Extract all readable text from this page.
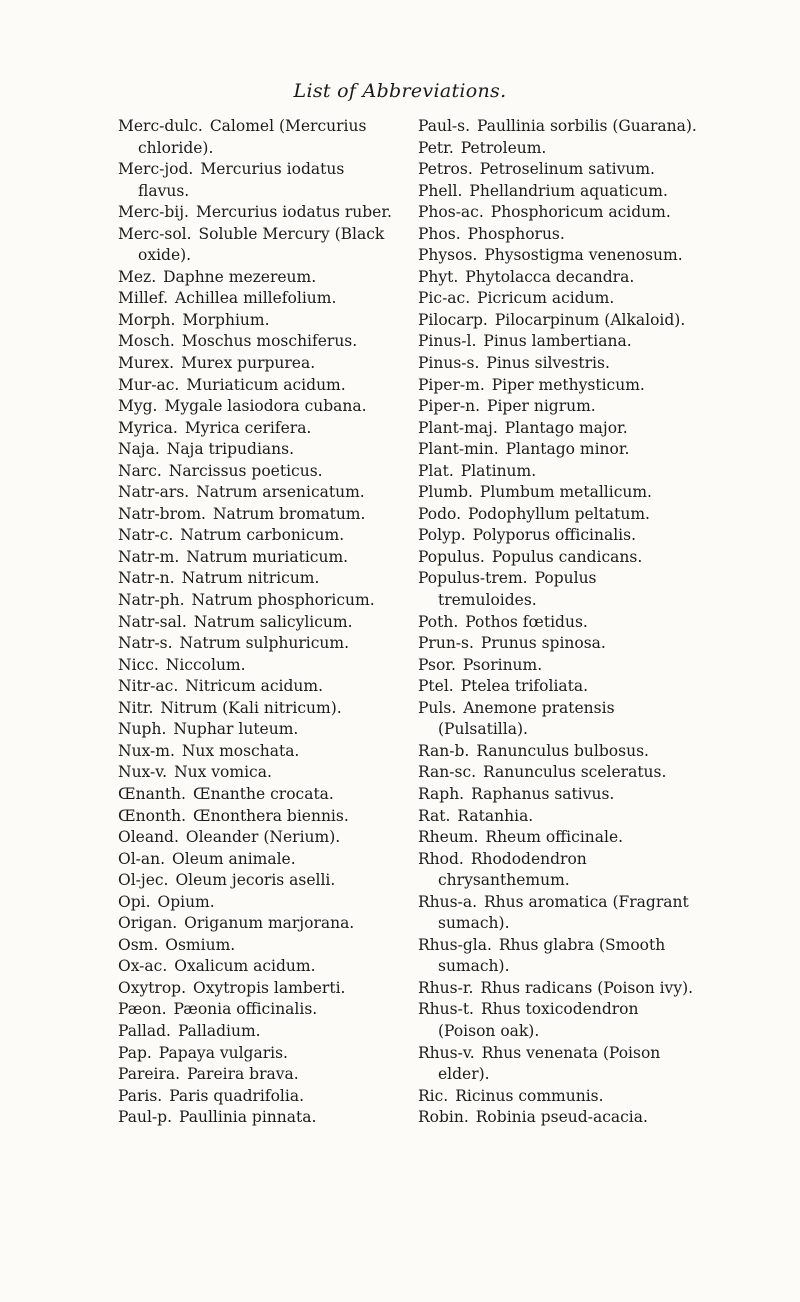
List of Abbreviations.
Merc-dulc. Calomel (Mercurius chloride).
Merc-jod. Mercurius iodatus flavus.
Merc-bij. Mercurius iodatus ruber.
Merc-sol. Soluble Mercury (Black oxide).
Mez. Daphne mezereum.
Millef. Achillea millefolium.
Morph. Morphium.
Mosch. Moschus moschiferus.
Murex. Murex purpurea.
Mur-ac. Muriaticum acidum.
Myg. Mygale lasiodora cubana.
Myrica. Myrica cerifera.
Naja. Naja tripudians.
Narc. Narcissus poeticus.
Natr-ars. Natrum arsenicatum.
Natr-brom. Natrum bromatum.
Natr-c. Natrum carbonicum.
Natr-m. Natrum muriaticum.
Natr-n. Natrum nitricum.
Natr-ph. Natrum phosphoricum.
Natr-sal. Natrum salicylicum.
Natr-s. Natrum sulphuricum.
Nicc. Niccolum.
Nitr-ac. Nitricum acidum.
Nitr. Nitrum (Kali nitricum).
Nuph. Nuphar luteum.
Nux-m. Nux moschata.
Nux-v. Nux vomica.
Œnanth. Œnanthe crocata.
Œnonth. Œnonthera biennis.
Oleand. Oleander (Nerium).
Ol-an. Oleum animale.
Ol-jec. Oleum jecoris aselli.
Opi. Opium.
Origan. Origanum marjorana.
Osm. Osmium.
Ox-ac. Oxalicum acidum.
Oxytrop. Oxytropis lamberti.
Pæon. Pæonia officinalis.
Pallad. Palladium.
Pap. Papaya vulgaris.
Pareira. Pareira brava.
Paris. Paris quadrifolia.
Paul-p. Paullinia pinnata.
Paul-s. Paullinia sorbilis (Guarana).
Petr. Petroleum.
Petros. Petroselinum sativum.
Phell. Phellandrium aquaticum.
Phos-ac. Phosphoricum acidum.
Phos. Phosphorus.
Physos. Physostigma venenosum.
Phyt. Phytolacca decandra.
Pic-ac. Picricum acidum.
Pilocarp. Pilocarpinum (Alkaloid).
Pinus-l. Pinus lambertiana.
Pinus-s. Pinus silvestris.
Piper-m. Piper methysticum.
Piper-n. Piper nigrum.
Plant-maj. Plantago major.
Plant-min. Plantago minor.
Plat. Platinum.
Plumb. Plumbum metallicum.
Podo. Podophyllum peltatum.
Polyp. Polyporus officinalis.
Populus. Populus candicans.
Populus-trem. Populus tremuloides.
Poth. Pothos fœtidus.
Prun-s. Prunus spinosa.
Psor. Psorinum.
Ptel. Ptelea trifoliata.
Puls. Anemone pratensis (Pulsatilla).
Ran-b. Ranunculus bulbosus.
Ran-sc. Ranunculus sceleratus.
Raph. Raphanus sativus.
Rat. Ratanhia.
Rheum. Rheum officinale.
Rhod. Rhododendron chrysanthemum.
Rhus-a. Rhus aromatica (Fragrant sumach).
Rhus-gla. Rhus glabra (Smooth sumach).
Rhus-r. Rhus radicans (Poison ivy).
Rhus-t. Rhus toxicodendron (Poison oak).
Rhus-v. Rhus venenata (Poison elder).
Ric. Ricinus communis.
Robin. Robinia pseud-acacia.
